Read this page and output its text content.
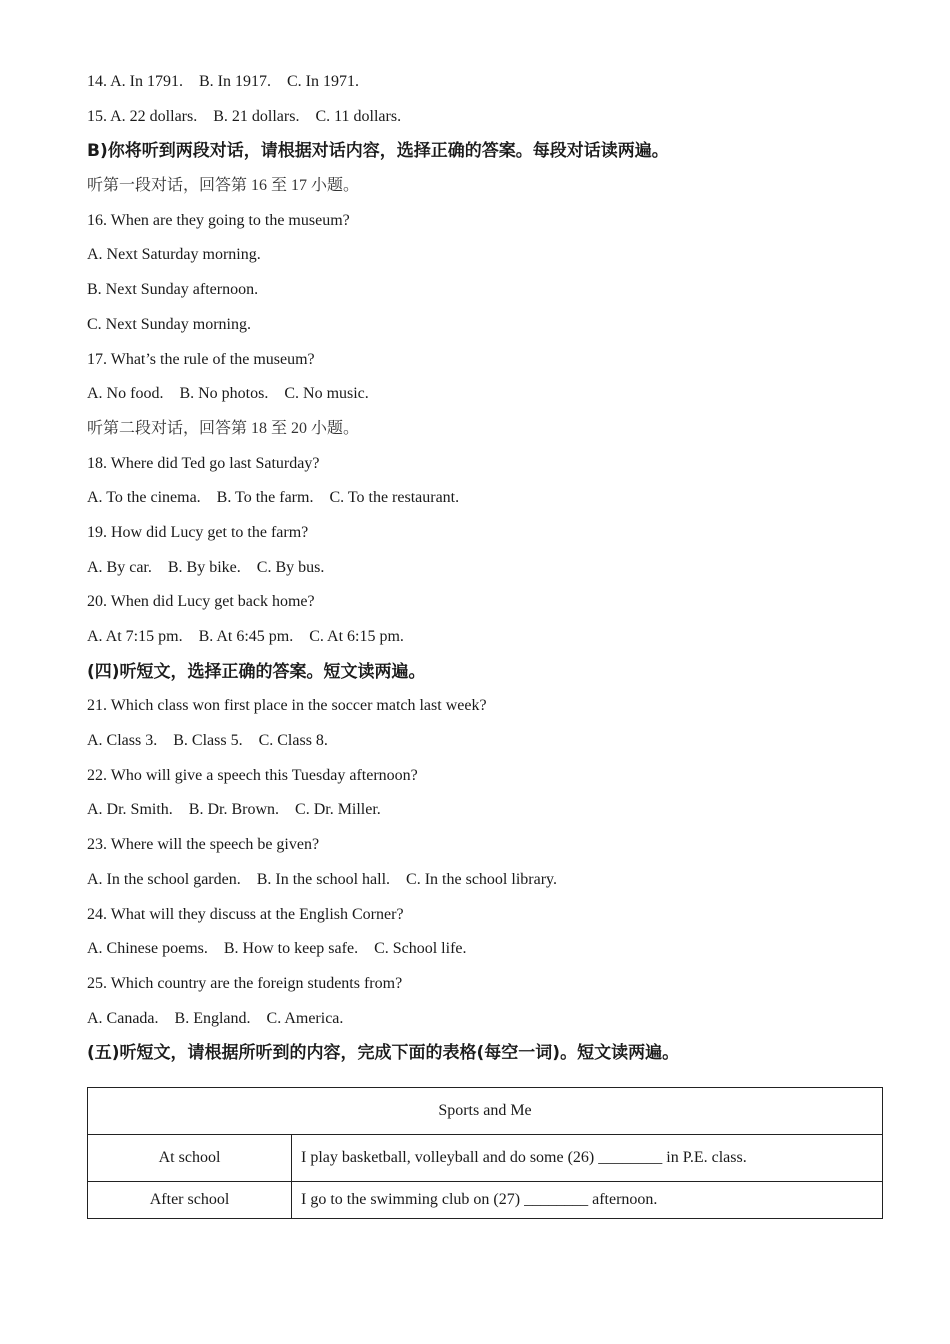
14. A. In 1791.    B. In 1917.    C. In 1971.
15. A. 22 dollars.    B. 21 dollars.    C. 11 dollars.
B)你将听到两段对话，请根据对话内容，选择正确的答案。每段对话读两遍。
听第一段对话，回答第 16 至 17 小题。
16. When are they going to the museum?
A. Next Saturday morning.
B. Next Sunday afternoon.
C. Next Sunday morning.
17. What’s the rule of the museum?
A. No food.    B. No photos.    C. No music.
听第二段对话，回答第 18 至 20 小题。
18. Where did Ted go last Saturday?
A. To the cinema.    B. To the farm.    C. To the restaurant.
19. How did Lucy get to the farm?
A. By car.    B. By bike.    C. By bus.
20. When did Lucy get back home?
A. At 7:15 pm.    B. At 6:45 pm.    C. At 6:15 pm.
(四)听短文，选择正确的答案。短文读两遍。
21. Which class won first place in the soccer match last week?
A. Class 3.    B. Class 5.    C. Class 8.
22. Who will give a speech this Tuesday afternoon?
A. Dr. Smith.    B. Dr. Brown.    C. Dr. Miller.
23. Where will the speech be given?
A. In the school garden.    B. In the school hall.    C. In the school library.
24. What will they discuss at the English Corner?
A. Chinese poems.    B. How to keep safe.    C. School life.
25. Which country are the foreign students from?
A. Canada.    B. England.    C. America.
(五)听短文，请根据所听到的内容，完成下面的表格(每空一词)。短文读两遍。
Sports and Me	
At school	I play basketball, volleyball and do some (26) ________ in P.E. class.
After school	I go to the swimming club on (27) ________ afternoon.
